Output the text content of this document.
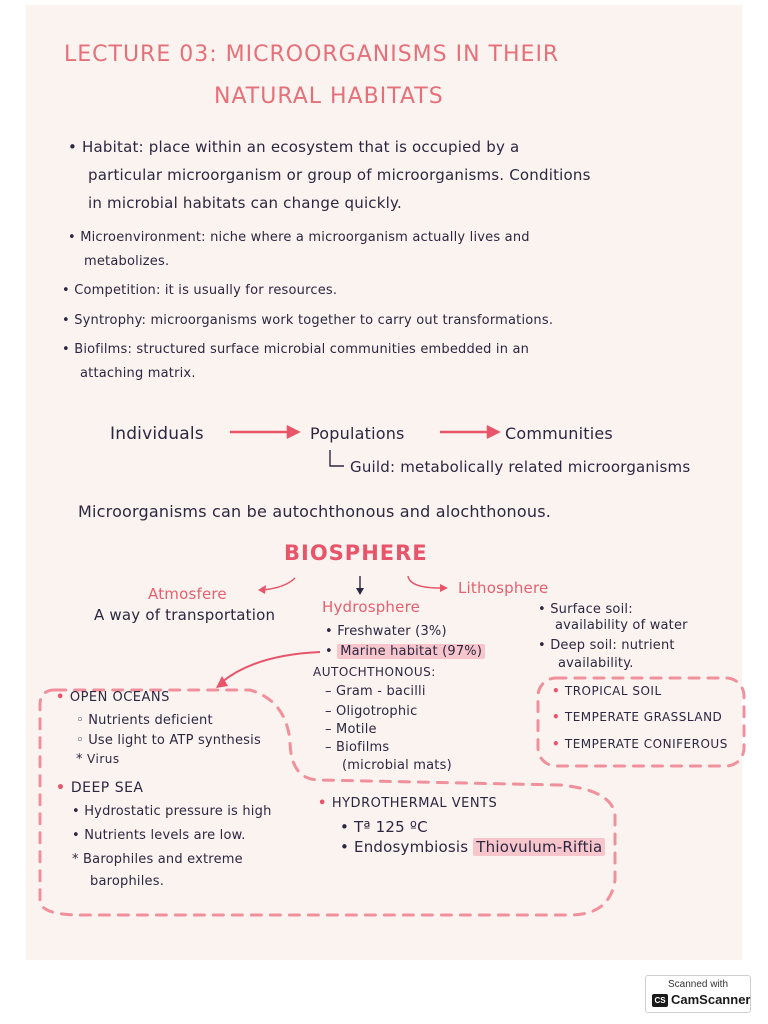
LECTURE 03: MICROORGANISMS IN THEIR
NATURAL HABITATS
• Habitat: place within an ecosystem that is occupied by a
particular microorganism or group of microorganisms. Conditions
in microbial habitats can change quickly.
• Microenvironment: niche where a microorganism actually lives and
metabolizes.
• Competition: it is usually for resources.
• Syntrophy: microorganisms work together to carry out transformations.
• Biofilms: structured surface microbial communities embedded in an
attaching matrix.
Individuals	Populations	Communities
Guild: metabolically related microorganisms
Microorganisms can be autochthonous and alochthonous.
BIOSPHERE
Atmosfere
A way of transportation	Hydrosphere
• Freshwater (3%)
• Marine habitat (97%)
Lithosphere
• Surface soil:
availability of water
• Deep soil: nutrient
availability.
AUTOCHTHONOUS:
– Gram - bacilli
– Oligotrophic
– Motile
– Biofilms
(microbial mats)
• TROPICAL SOIL
• TEMPERATE GRASSLAND
• TEMPERATE CONIFEROUS
• OPEN OCEANS
◦ Nutrients deficient
◦ Use light to ATP synthesis
* Virus
• DEEP SEA
• Hydrostatic pressure is high
• Nutrients levels are low.
* Barophiles and extreme
barophiles.
• HYDROTHERMAL VENTS
• Tª 125 ºC
• Endosymbiosis Thiovulum-Riftia
Scanned with
CS CamScanner
